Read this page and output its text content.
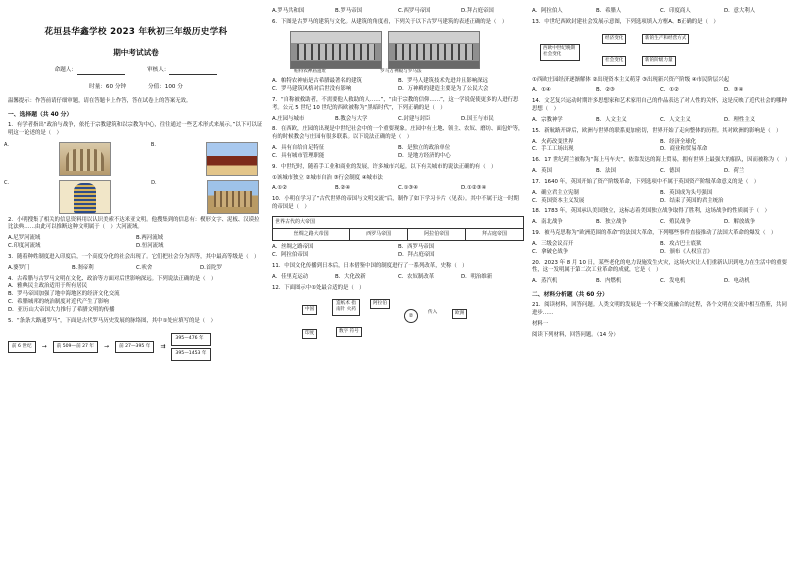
花垣县华鑫学校 2023 年秋初三年级历史学科
期中考试试卷
命题人：	审核人：
时量：60 分钟	分值：100 分
温馨提示：作答前请仔细审题，请在答题卡上作答，答在试卷上的答案无效。
一、选择题（共 40 分）
1．有学者指出“政治与战争，依托于宗教建筑和以宗教为中心，往往通过一些艺术形式来展示。”以下可以证明这一论述的是（　）
A.	B.
C.	D.
2．小明搜集了相关的信息资料用以认识美索不达米亚文明。他搜集到的信息有：楔形文字、泥板、汉谟拉比法典……由此可以推断这种文明属于（　）大河流域。
A.尼罗河流域	B.两河流域
C.印度河流域	D.恒河流域
3．随着种姓制度进入印度后，一个高度分化的社会出现了。它们把社会分为四等，其中最高等级是（　）
A.婆罗门	B.刹帝利	C.吠舍	D.首陀罗
4．古希腊与古罗马文明在文化、政治等方面对后世影响深远。下列说法正确的是（　）
A．雅典民主政治适用于所有居民
B．罗马帝国加强了地中海地区的经济文化交流
C．希腊城邦的统治制度对近代产生了影响
D．亚历山大帝国大力推行了希腊文明的传播
5．“条条大路通罗马”，下面是古代罗马历史发展的脉络图，其中①处应填写的是（　）
前 6 世纪	→	前 509—前 27 年	→	前 27—395 年	⇉
395—476 年
395—1453 年
A.罗马共和国	B.罗马帝国	C.西罗马帝国	D.拜占庭帝国
6．下图是古罗马的建筑与文化。从建筑的角度看，下列关于以下古罗马建筑的表述正确的是（　）
帕特农神庙遗址	罗马万神殿与罗马法
A．帕特农神庙是古希腊最著名的建筑	B．罗马人建筑技术先进并且影响深远
C．罗马建筑风格对后世没有影响	D．万神殿的建造主要是为了公民大会
7．“自称被救助者，不需要他人救助的人……”，“由于宗教的信仰……”，这一学说促使更多的人进行思考。公元 5 世纪 10 世纪的西欧被称为“黑暗时代”，下列正确的是（　）
A.庄园与城市	B.教会与大学	C.封建与封臣	D.国王与市民
8．在西欧，庄园的出现是中世纪社会中的一个重要现象。庄园中有土地、领主、农奴、磨坊、面包炉等，有的时候教会与庄园有很多联系。以下说法正确的是（　）
A．具有自给自足特征	B．是独立的政治单位
C．具有城市管理职能	D．是地方经济的中心
9．中世纪时，随着手工业和商业的发展，许多城市兴起。以下有关城市的说法正确的有（　）
①该城市独立 ②城市自治 ③行会制度 ④城市法
A.①②	B.②④	C.①③④	D.①②③④
10．小明在学习了“古代世界的帝国与文明交流”后，制作了如下学习卡片（见表）。其中不属于这一时期的帝国是（　）
世界古代的大帝国
丝绸之路大帝国	西罗马帝国	阿拉伯帝国	拜占庭帝国
A．丝绸之路帝国	B．西罗马帝国
C．阿拉伯帝国	D．拜占庭帝国
11．中国文化传播到日本后，日本借鉴中国的制度进行了一系列改革，史称（　）
A．佳里克运动	B．大化改新	C．农奴制改革	D．明治维新
12．下面图示中①处最合适的是（　）
中国
造纸术 指南针 火药
阿拉伯
②
传入	欧洲
印度	数字 符号
A．阿拉伯人	B．希腊人	C．印度商人	D．意大利人
13．中世纪西欧封建社会发展示意图，下列选项填入方框A、B正确的是（　）
西欧中世纪晚期社会变化
经济变化	新的生产和经营方式
社会变化	新的阶级力量
①西欧庄园经济逐渐解体 ②出现资本主义萌芽 ③出现新兴资产阶级 ④市民阶层兴起
A．①④	B．②③	C．①②	D．③④
14．文艺复兴运动时期许多思想家和艺术家用自己的作品表达了对人性的关怀，这是反映了近代社会的哪种思想（　）
A．宗教神学	B．人文主义	C．人文主义	D．理性主义
15．新航路开辟后，欧洲与世界的联系更加密切，世界开始了走向整体的历程。其对欧洲的影响是（　）
A．火药改变世界	B．经济全球化
C．手工工场出现	D．商业和贸易革命
16．17 世纪荷兰被称为“海上马车夫”，依靠发达的海上贸易，拥有世界上最强大的船队，因而被称为（　）
A．英国	B．法国	C．德国	D．荷兰
17．1640 年，英国开始了资产阶级革命，下列选项中不属于英国资产阶级革命意义的是（　）
A．确立君主立宪制	B．英国成为头号强国
C．英国资本主义发展	D．结束了英国的君主统治
18．1783 年，英国承认美国独立，这标志着美国独立战争取得了胜利，这场战争的性质属于（　）
A．南北战争	B．独立战争	C．殖民战争	D．解放战争
19．被马克思称为“欧洲范围的革命”的法国大革命，下列哪些事件直接推动了法国大革命的爆发（　）
A．三级会议召开	B．攻占巴士底狱
C．拿破仑战争	D．颁布《人权宣言》
20．2023 年 8 月 10 日，某些老化的电力设施发生火灾，这场火灾让人们重新认识到电力在生活中的重要性，这一发明属于第二次工业革命的成就，它是（　）
A．蒸汽机	B．内燃机	C．发电机	D．电动机
二、材料分析题（共 60 分）
21．阅读材料，回答问题。人类文明的发展是一个不断交流融合的过程，各个文明在交流中相互借鉴，共同进步……
材料一
阅读下列材料，回答问题。（14 分）
